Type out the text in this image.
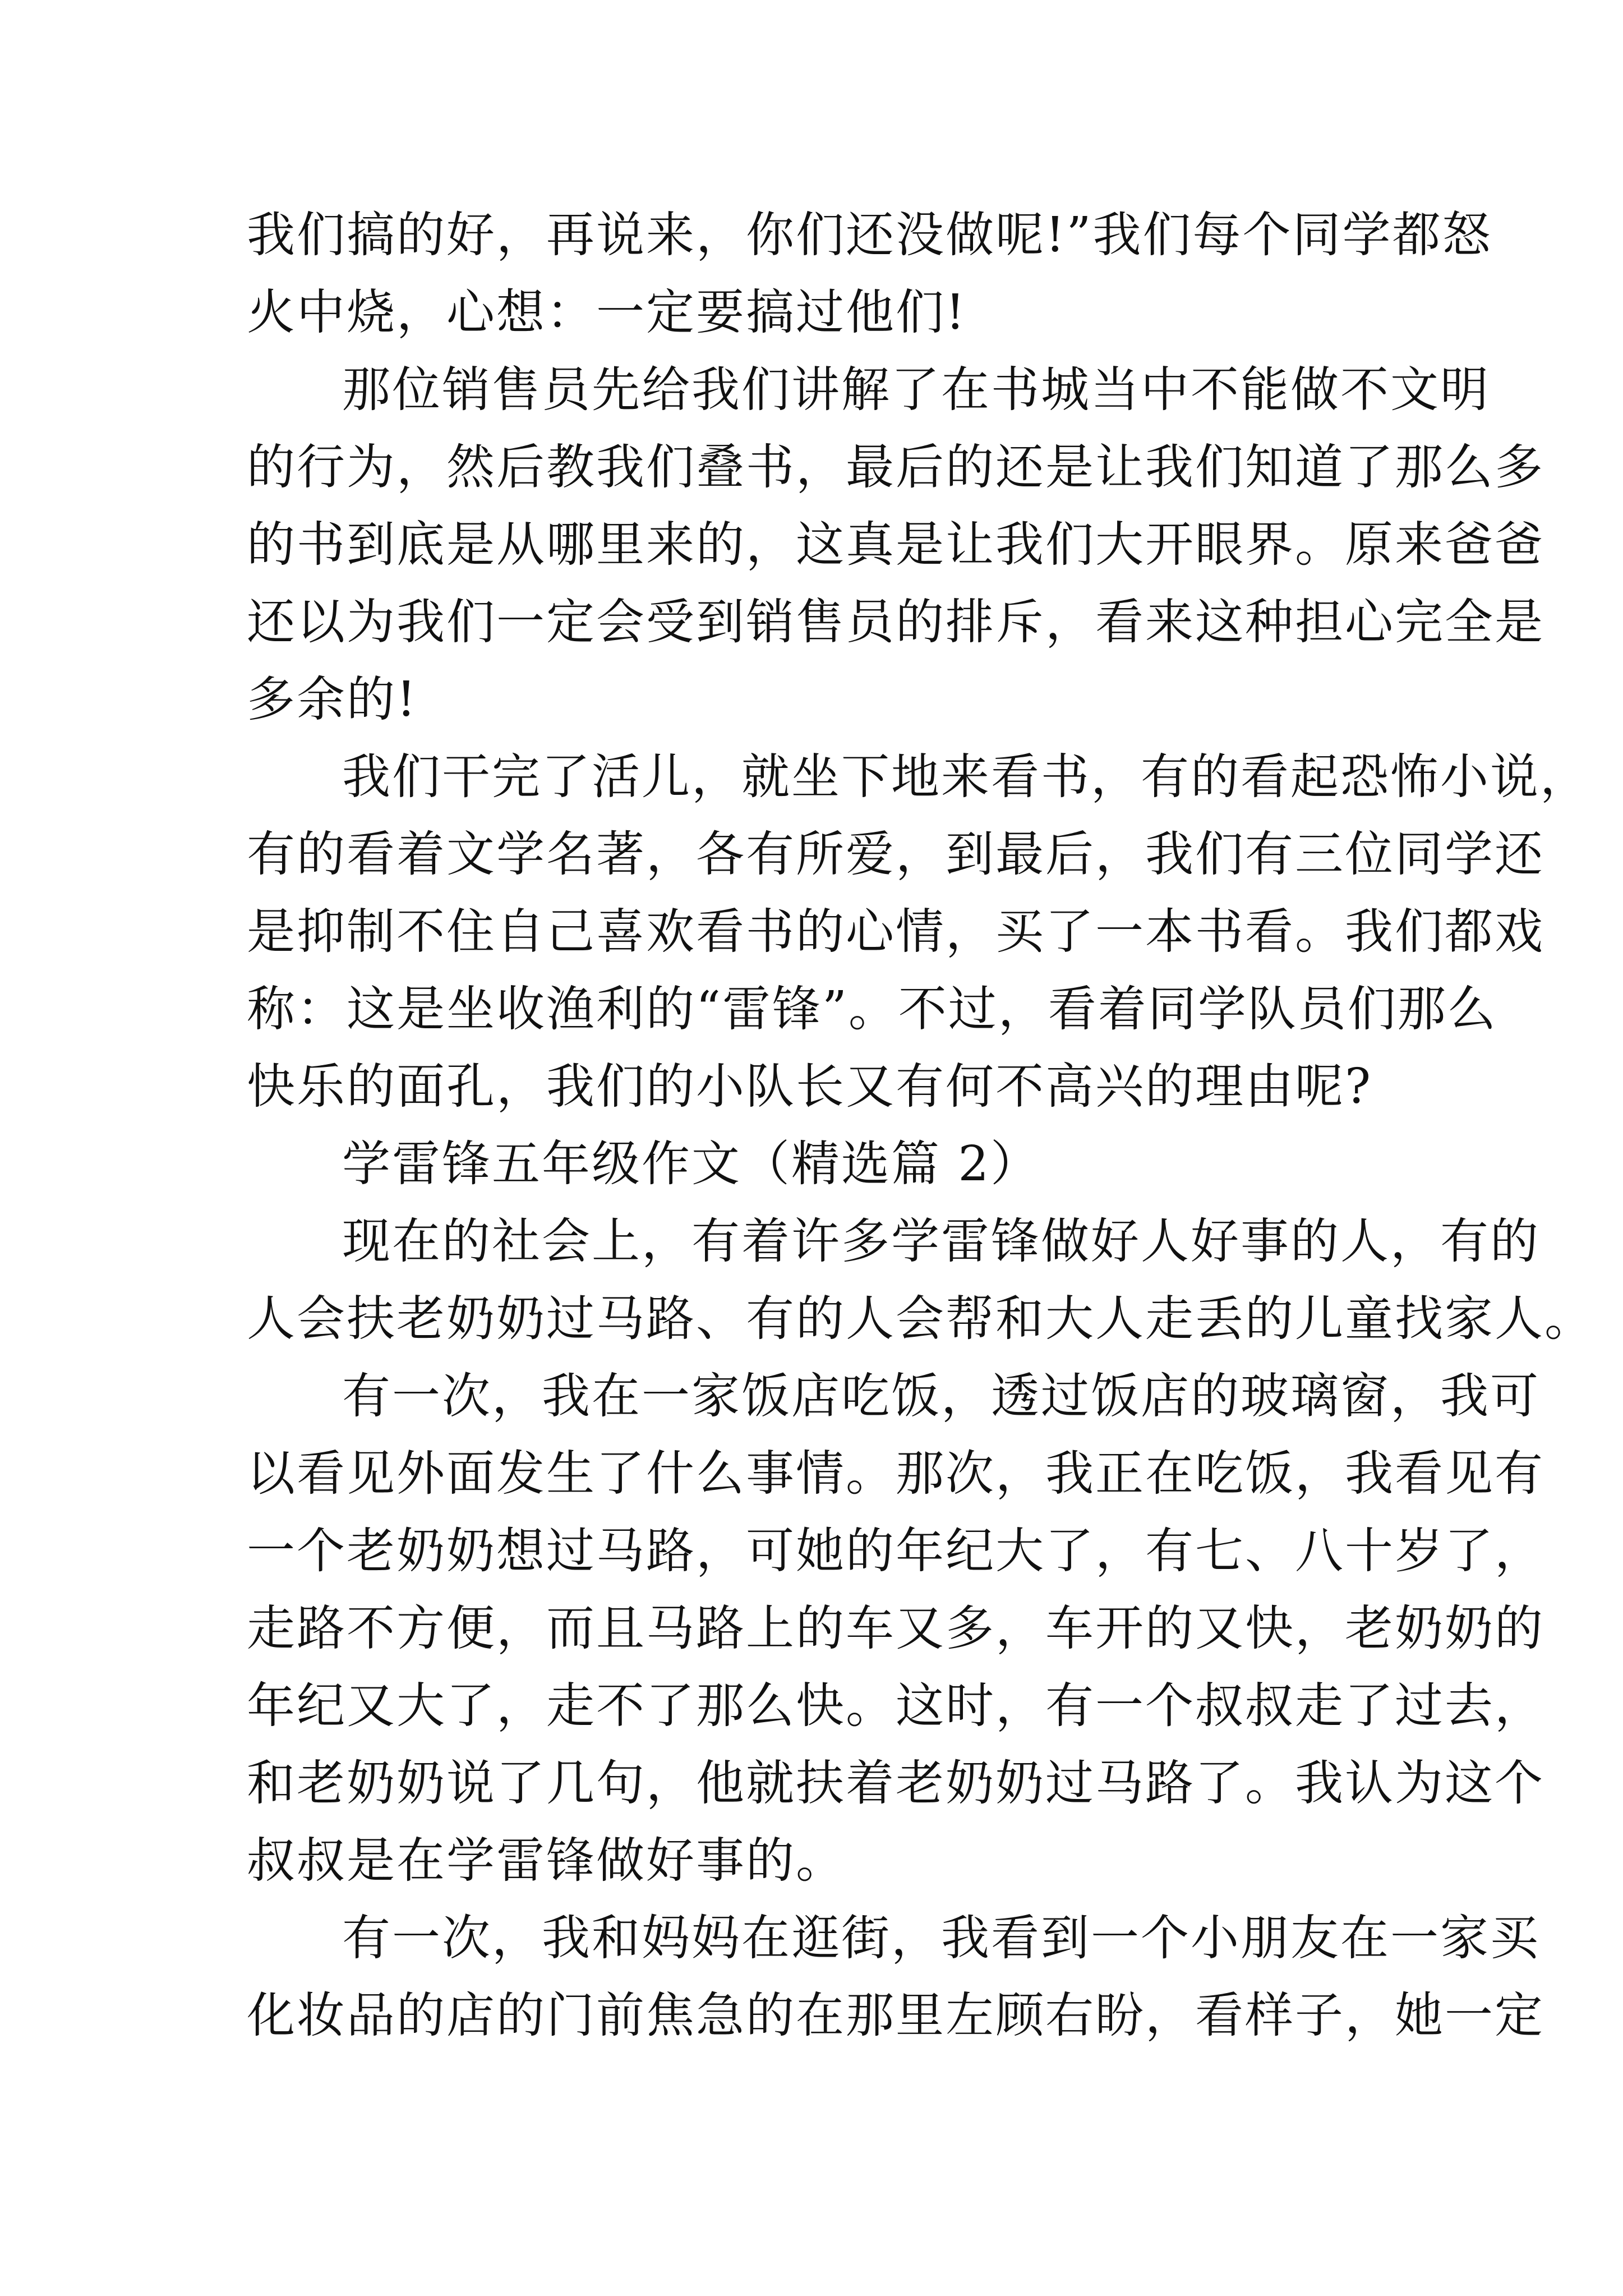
我们搞的好，再说来，你们还没做呢!”我们每个同学都怒
火中烧，心想：一定要搞过他们!
那位销售员先给我们讲解了在书城当中不能做不文明
的行为，然后教我们叠书，最后的还是让我们知道了那么多
的书到底是从哪里来的，这真是让我们大开眼界。原来爸爸
还以为我们一定会受到销售员的排斥，看来这种担心完全是
多余的!
我们干完了活儿，就坐下地来看书，有的看起恐怖小说，
有的看着文学名著，各有所爱，到最后，我们有三位同学还
是抑制不住自己喜欢看书的心情，买了一本书看。我们都戏
称：这是坐收渔利的“雷锋”。不过，看着同学队员们那么
快乐的面孔，我们的小队长又有何不高兴的理由呢?
学雷锋五年级作文（精选篇 2）
现在的社会上，有着许多学雷锋做好人好事的人，有的
人会扶老奶奶过马路、有的人会帮和大人走丢的儿童找家人。
有一次，我在一家饭店吃饭，透过饭店的玻璃窗，我可
以看见外面发生了什么事情。那次，我正在吃饭，我看见有
一个老奶奶想过马路，可她的年纪大了，有七、八十岁了，
走路不方便，而且马路上的车又多，车开的又快，老奶奶的
年纪又大了，走不了那么快。这时，有一个叔叔走了过去，
和老奶奶说了几句，他就扶着老奶奶过马路了。我认为这个
叔叔是在学雷锋做好事的。
有一次，我和妈妈在逛街，我看到一个小朋友在一家买
化妆品的店的门前焦急的在那里左顾右盼，看样子，她一定
